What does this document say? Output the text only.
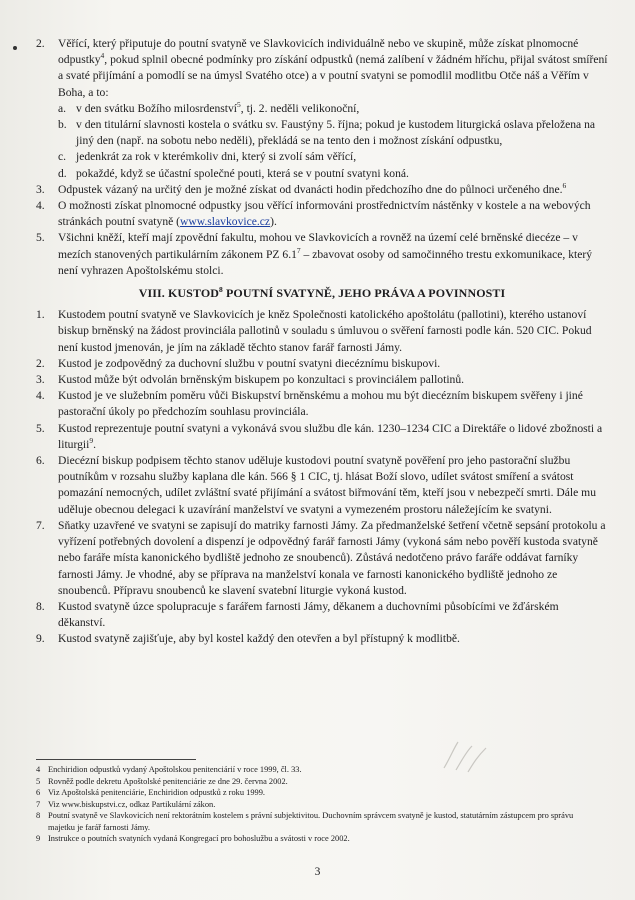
2. Věřící, který připutuje do poutní svatyně ve Slavkovicích individuálně nebo ve skupině, může získat plnomocné odpustky$^4$, pokud splnil obecné podmínky pro získání odpustků (nemá zalíbení v žádném hříchu, přijal svátost smíření a svaté přijímání a pomodlí se na úmysl Svatého otce) a v poutní svatyni se pomodlil modlitbu Otče náš a Věřím v Boha, a to:
a. v den svátku Božího milosrdenství$^5$, tj. 2. neděli velikonoční,
b. v den titulární slavnosti kostela o svátku sv. Faustýny 5. října; pokud je kustodem liturgická oslava přeložena na jiný den (např. na sobotu nebo neděli), překládá se na tento den i možnost získání odpustku,
c. jedenkrát za rok v kterémkoliv dni, který si zvolí sám věřící,
d. pokaždé, když se účastní společné pouti, která se v poutní svatyni koná.
3. Odpustek vázaný na určitý den je možné získat od dvanácti hodin předchozího dne do půlnoci určeného dne.$^6$
4. O možnosti získat plnomocné odpustky jsou věřící informováni prostřednictvím nástěnky v kostele a na webových stránkách poutní svatyně (www.slavkovice.cz).
5. Všichni kněží, kteří mají zpovědní fakultu, mohou ve Slavkovicích a rovněž na území celé brněnské diecéze – v mezích stanovených partikulárním zákonem PZ $6.1^7$ – zbavovat osoby od samočinného trestu exkomunikace, který není vyhrazen Apoštolskému stolci.
VIII. KUSTOD$^8$ POUTNÍ SVATYNĚ, JEHO PRÁVA A POVINNOSTI
1. Kustodem poutní svatyně ve Slavkovicích je kněz Společnosti katolického apoštolátu (pallotini), kterého ustanoví biskup brněnský na žádost provinciála pallotinů v souladu s úmluvou o svěření farnosti podle kán. 520 CIC. Pokud není kustod jmenován, je jím na základě těchto stanov farář farnosti Jámy.
2. Kustod je zodpovědný za duchovní službu v poutní svatyni diecéznímu biskupovi.
3. Kustod může být odvolán brněnským biskupem po konzultaci s provinciálem pallotinů.
4. Kustod je ve služebním poměru vůči Biskupství brněnskému a mohou mu být diecézním biskupem svěřeny i jiné pastorační úkoly po předchozím souhlasu provinciála.
5. Kustod reprezentuje poutní svatyni a vykonává svou službu dle kán. 1230–1234 CIC a Direktáře o lidové zbožnosti a liturgii$^9$.
6. Diecézní biskup podpisem těchto stanov uděluje kustodovi poutní svatyně pověření pro jeho pastorační službu poutníkům v rozsahu služby kaplana dle kán. 566 § 1 CIC, tj. hlásat Boží slovo, udílet svátost smíření a svátost pomazání nemocných, udílet zvláštní svaté přijímání a svátost biřmování těm, kteří jsou v nebezpečí smrti. Dále mu uděluje obecnou delegaci k uzavírání manželství ve svatyni a vymezeném prostoru náležejícím ke svatyni.
7. Sňatky uzavřené ve svatyni se zapisují do matriky farnosti Jámy. Za předmanželské šetření včetně sepsání protokolu a vyřízení potřebných dovolení a dispenzí je odpovědný farář farnosti Jámy (vykoná sám nebo pověří kustoda svatyně nebo faráře místa kanonického bydliště jednoho ze snoubenců). Zůstává nedotčeno právo faráře oddávat farníky farnosti Jámy. Je vhodné, aby se příprava na manželství konala ve farnosti kanonického bydliště jednoho ze snoubenců. Přípravu snoubenců ke slavení svatební liturgie vykoná kustod.
8. Kustod svatyně úzce spolupracuje s farářem farnosti Jámy, děkanem a duchovními působícími ve žďárském děkanství.
9. Kustod svatyně zajišťuje, aby byl kostel každý den otevřen a byl přístupný k modlitbě.
4 Enchiridion odpustků vydaný Apoštolskou penitenciárií v roce 1999, čl. 33.
5 Rovněž podle dekretu Apoštolské penitenciárie ze dne 29. června 2002.
6 Viz Apoštolská penitenciárie, Enchiridion odpustků z roku 1999.
7 Viz www.biskupstvi.cz, odkaz Partikulární zákon.
8 Poutní svatyně ve Slavkovicích není rektorátním kostelem s právní subjektivitou. Duchovním správcem svatyně je kustod, statutárním zástupcem pro správu majetku je farář farnosti Jámy.
9 Instrukce o poutních svatyních vydaná Kongregací pro bohoslužbu a svátosti v roce 2002.
3
